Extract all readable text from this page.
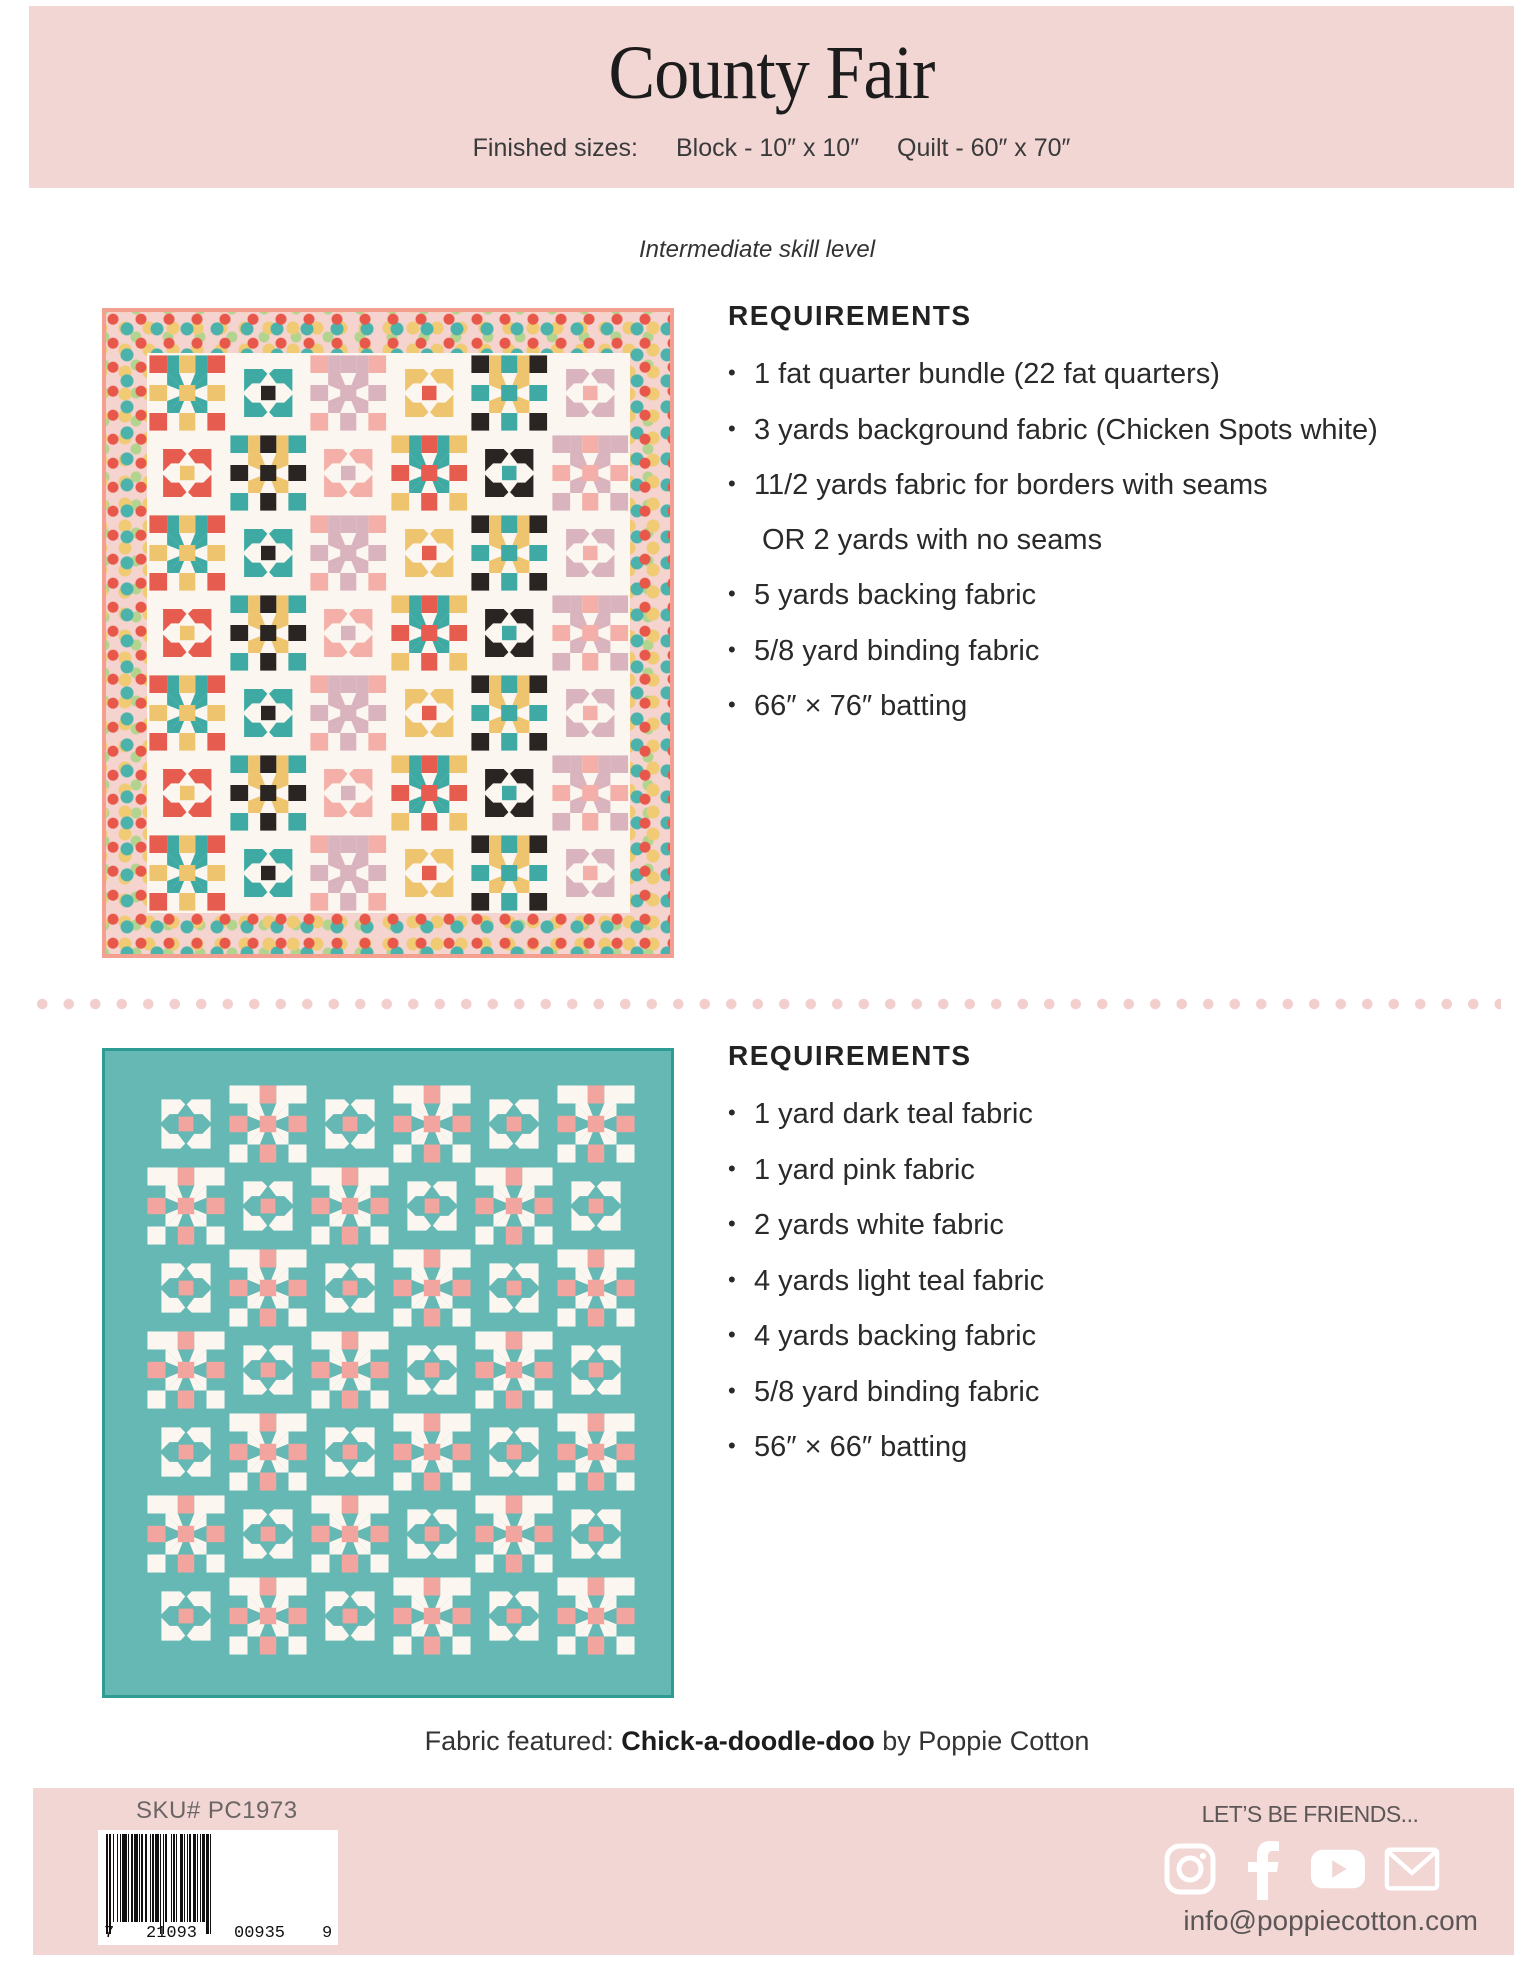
County Fair
Finished sizes: Block - 10″ x 10″ Quilt - 60″ x 70″
Intermediate skill level
REQUIREMENTS
• 1 fat quarter bundle (22 fat quarters)
• 3 yards background fabric (Chicken Spots white)
• 11/2 yards fabric for borders with seams
OR 2 yards with no seams
• 5 yards backing fabric
• 5/8 yard binding fabric
• 66″ × 76″ batting
REQUIREMENTS
• 1 yard dark teal fabric
• 1 yard pink fabric
• 2 yards white fabric
• 4 yards light teal fabric
• 4 yards backing fabric
• 5/8 yard binding fabric
• 56″ × 66″ batting
Fabric featured: Chick-a-doodle-doo by Poppie Cotton
SKU# PC1973
7 21093 00935 9
LET’S BE FRIENDS...
info@poppiecotton.com
